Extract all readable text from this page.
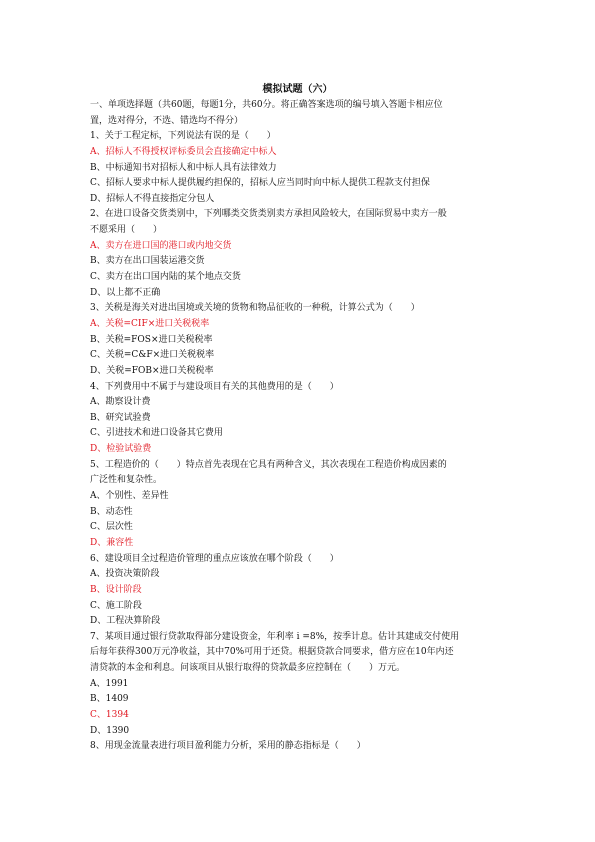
模拟试题（六）
一、单项选择题（共60题，每题1分，共60分。将正确答案选项的编号填入答题卡相应位
置，选对得分，不选、错选均不得分）
1、关于工程定标，下列说法有误的是（　　）
A、招标人不得授权评标委员会直接确定中标人
B、中标通知书对招标人和中标人具有法律效力
C、招标人要求中标人提供履约担保的，招标人应当同时向中标人提供工程款支付担保
D、招标人不得直接指定分包人
2、在进口设备交货类别中，下列哪类交货类别卖方承担风险较大，在国际贸易中卖方一般
不愿采用（　　）
A、卖方在进口国的港口或内地交货
B、卖方在出口国装运港交货
C、卖方在出口国内陆的某个地点交货
D、以上都不正确
3、关税是海关对进出国境或关境的货物和物品征收的一种税，计算公式为（　　）
A、关税=CIF×进口关税税率
B、关税=FOS×进口关税税率
C、关税=C&F×进口关税税率
D、关税=FOB×进口关税税率
4、下列费用中不属于与建设项目有关的其他费用的是（　　）
A、勘察设计费
B、研究试验费
C、引进技术和进口设备其它费用
D、检验试验费
5、工程造价的（　　）特点首先表现在它具有两种含义，其次表现在工程造价构成因素的
广泛性和复杂性。
A、个别性、差异性
B、动态性
C、层次性
D、兼容性
6、建设项目全过程造价管理的重点应该放在哪个阶段（　　）
A、投资决策阶段
B、设计阶段
C、施工阶段
D、工程决算阶段
7、某项目通过银行贷款取得部分建设资金，年利率 i =8%，按季计息。估计其建成交付使用
后每年获得300万元净收益，其中70%可用于还贷。根据贷款合同要求，借方应在10年内还
清贷款的本金和利息。问该项目从银行取得的贷款最多应控制在（　　）万元。
A、1991
B、1409
C、1394
D、1390
8、用现金流量表进行项目盈利能力分析，采用的静态指标是（　　）
